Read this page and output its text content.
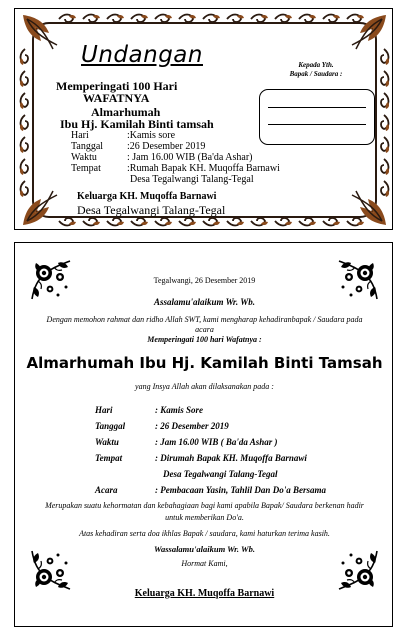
Undangan
Memperingati 100 Hari
WAFATNYA
Almarhumah
Ibu Hj. Kamilah Binti tamsah
Hari	:Kamis sore
Tanggal :26 Desember 2019
Waktu	: Jam 16.00 WIB (Ba'da Ashar)
Tempat	:Rumah Bapak KH. Muqoffa Barnawi
Desa Tegalwangi Talang-Tegal
Keluarga KH. Muqoffa Barnawi
Desa Tegalwangi Talang-Tegal
Kepada Yth.
Bapak / Saudara :
Tegalwangi, 26 Desember 2019
Assalamu'alaikum Wr. Wb.
Dengan memohon rahmat dan ridho Allah SWT, kami mengharap kehadiranbapak / Saudara pada
acara
Memperingati 100 hari Wafatnya :
Almarhumah Ibu Hj. Kamilah Binti Tamsah
yang Insya Allah akan dilaksanakan pada :
Hari	: Kamis Sore
Tanggal	: 26 Desember 2019
Waktu	: Jam 16.00 WIB ( Ba'da Ashar )
Tempat	: Dirumah Bapak KH. Muqoffa Barnawi
Desa Tegalwangi Talang-Tegal
Acara	: Pembacaan Yasin, Tahlil Dan Do'a Bersama
Merupakan suatu kehormatan dan kebahagiaan bagi kami apabila Bapak/ Saudara berkenan hadir
untuk memberikan Do'a.
Atas kehadiran serta doa ikhlas Bapak / saudara, kami haturkan terima kasih.
Wassalamu'alaikum Wr. Wb.
Hormat Kami,
Keluarga KH. Muqoffa Barnawi
